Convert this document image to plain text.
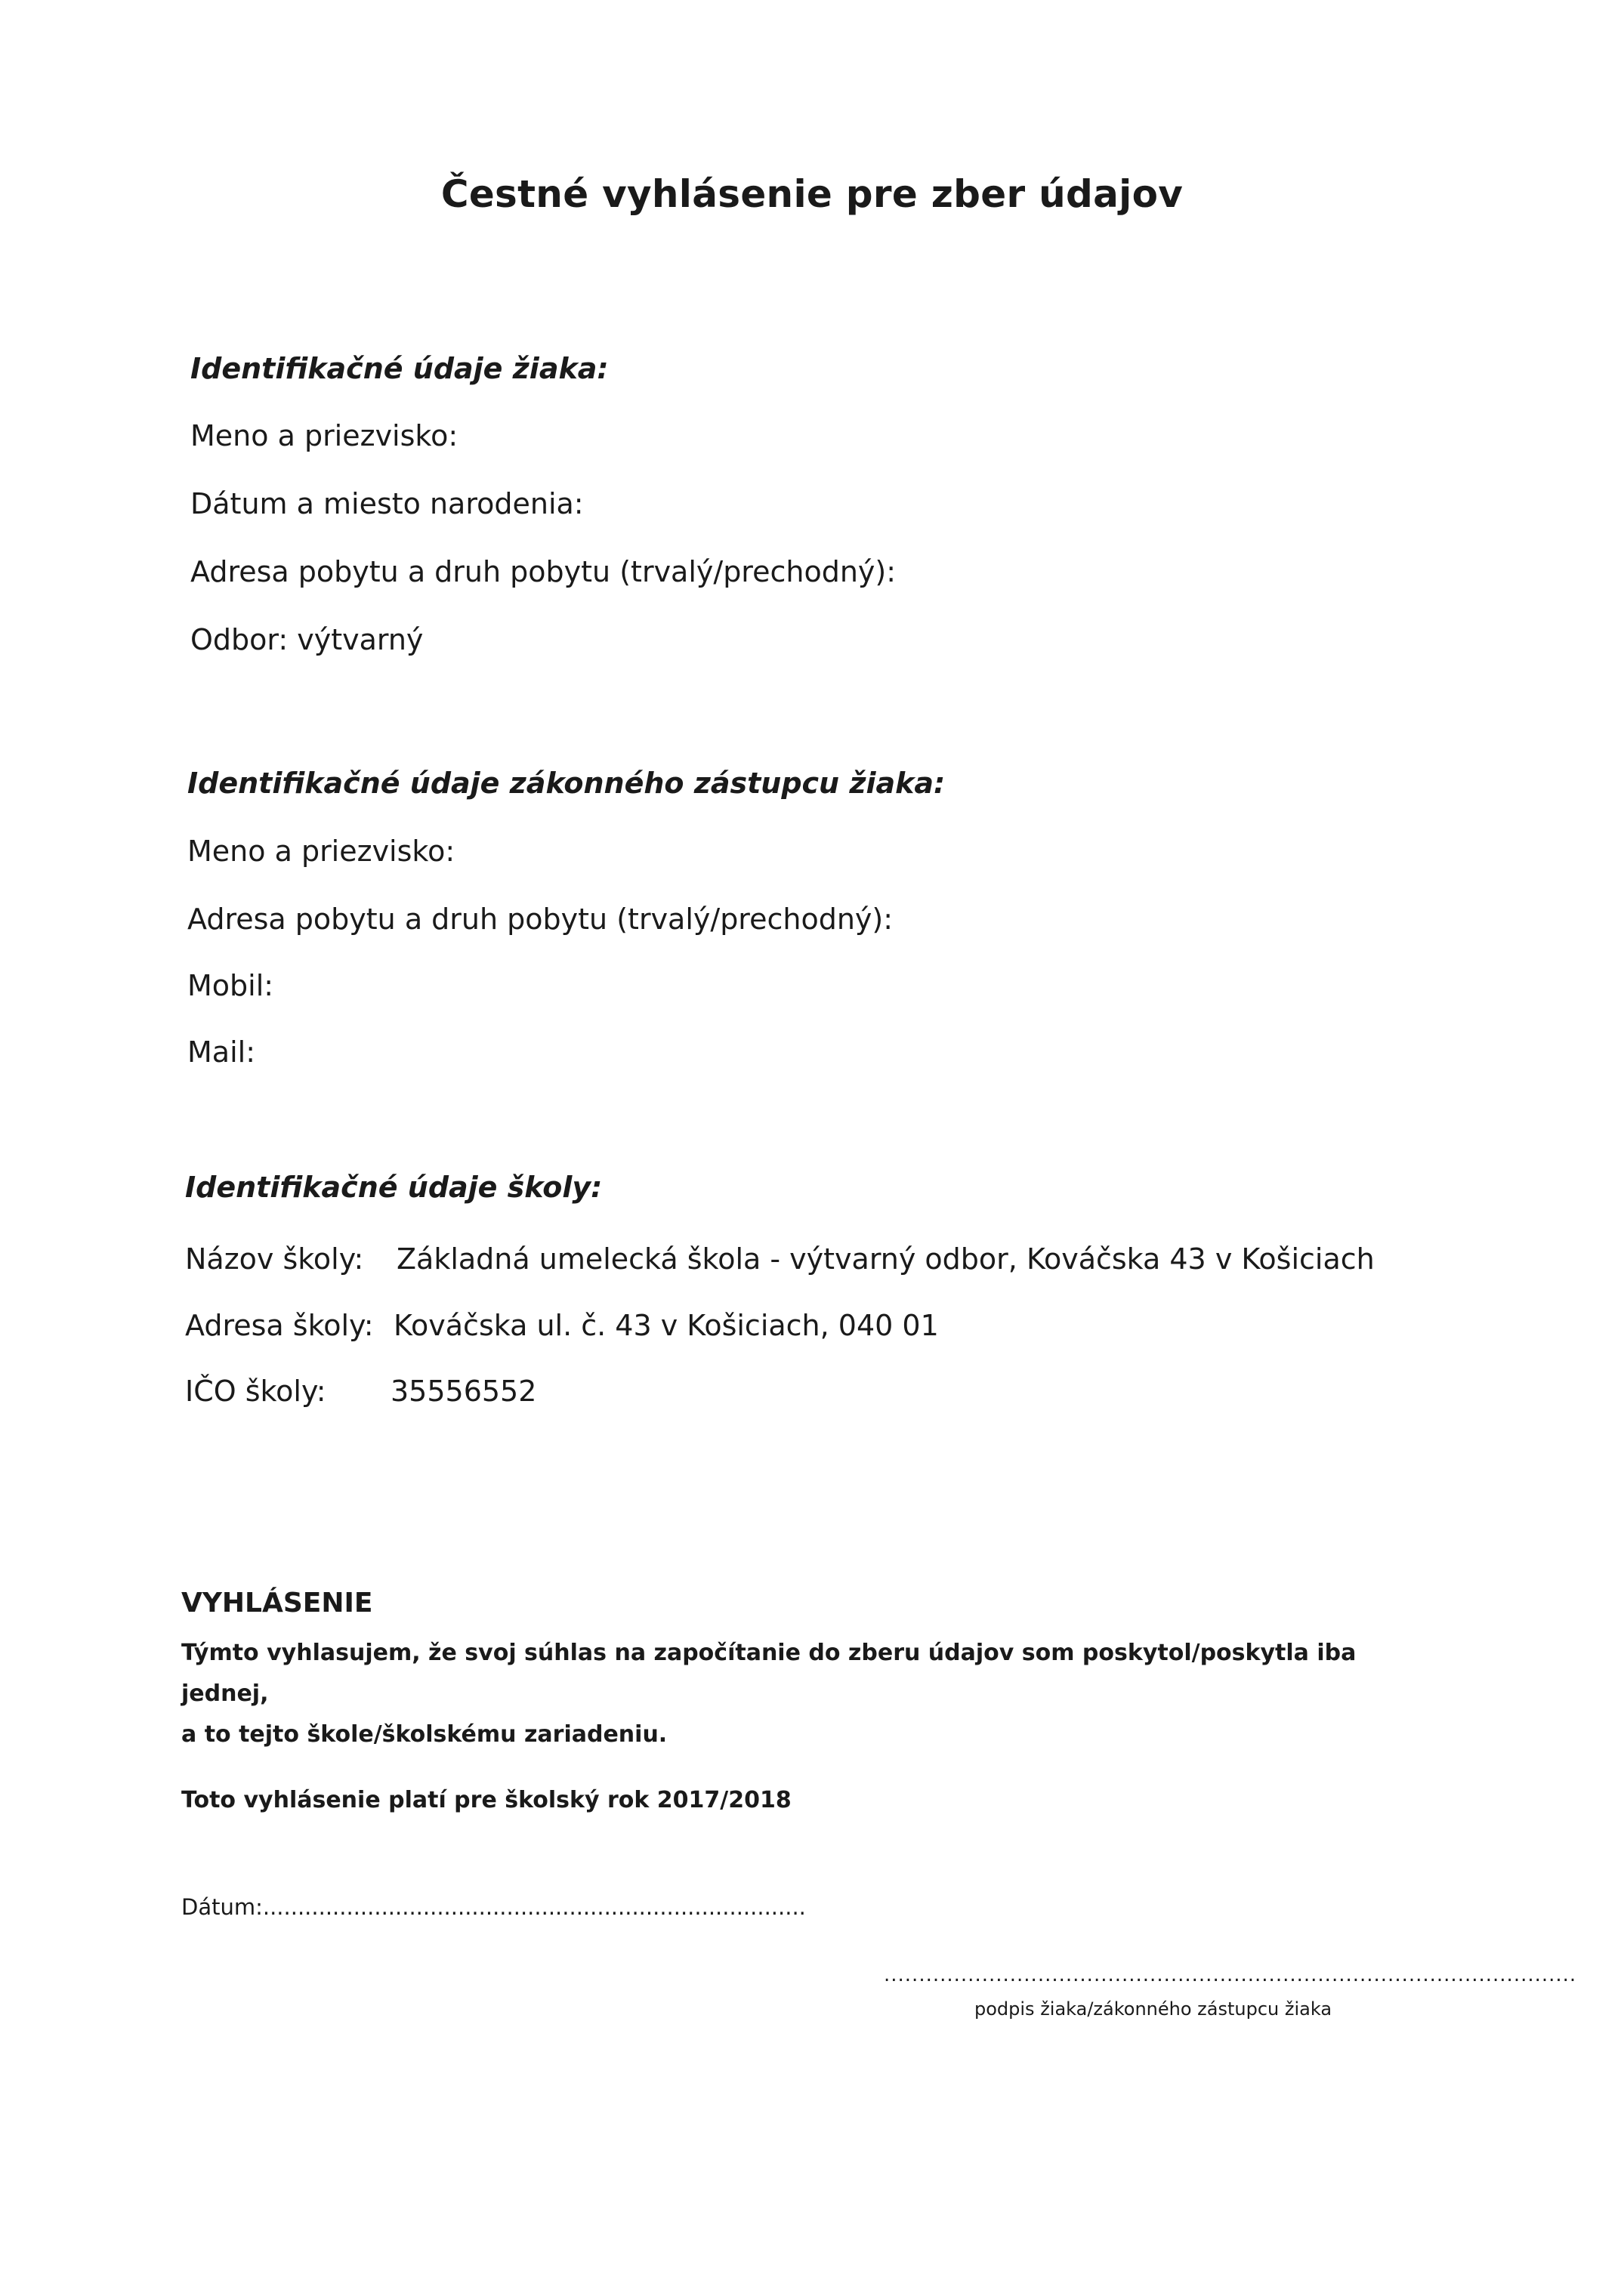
Čestné vyhlásenie pre zber údajov
Identifikačné údaje žiaka:
Meno a priezvisko:
Dátum a miesto narodenia:
Adresa pobytu a druh pobytu (trvalý/prechodný):
Odbor: výtvarný
Identifikačné údaje zákonného zástupcu žiaka:
Meno a priezvisko:
Adresa pobytu a druh pobytu (trvalý/prechodný):
Mobil:
Mail:
Identifikačné údaje školy:
Názov školy: Základná umelecká škola - výtvarný odbor, Kováčska 43 v Košiciach
Adresa školy: Kováčska ul. č. 43 v Košiciach, 040 01
IČO školy: 35556552
VYHLÁSENIE
Týmto vyhlasujem, že svoj súhlas na započítanie do zberu údajov som poskytol/poskytla iba jednej,
a to tejto škole/školskému zariadeniu.
Toto vyhlásenie platí pre školský rok 2017/2018
Dátum:..............................................................................
...................................................................................................
podpis žiaka/zákonného zástupcu žiaka
